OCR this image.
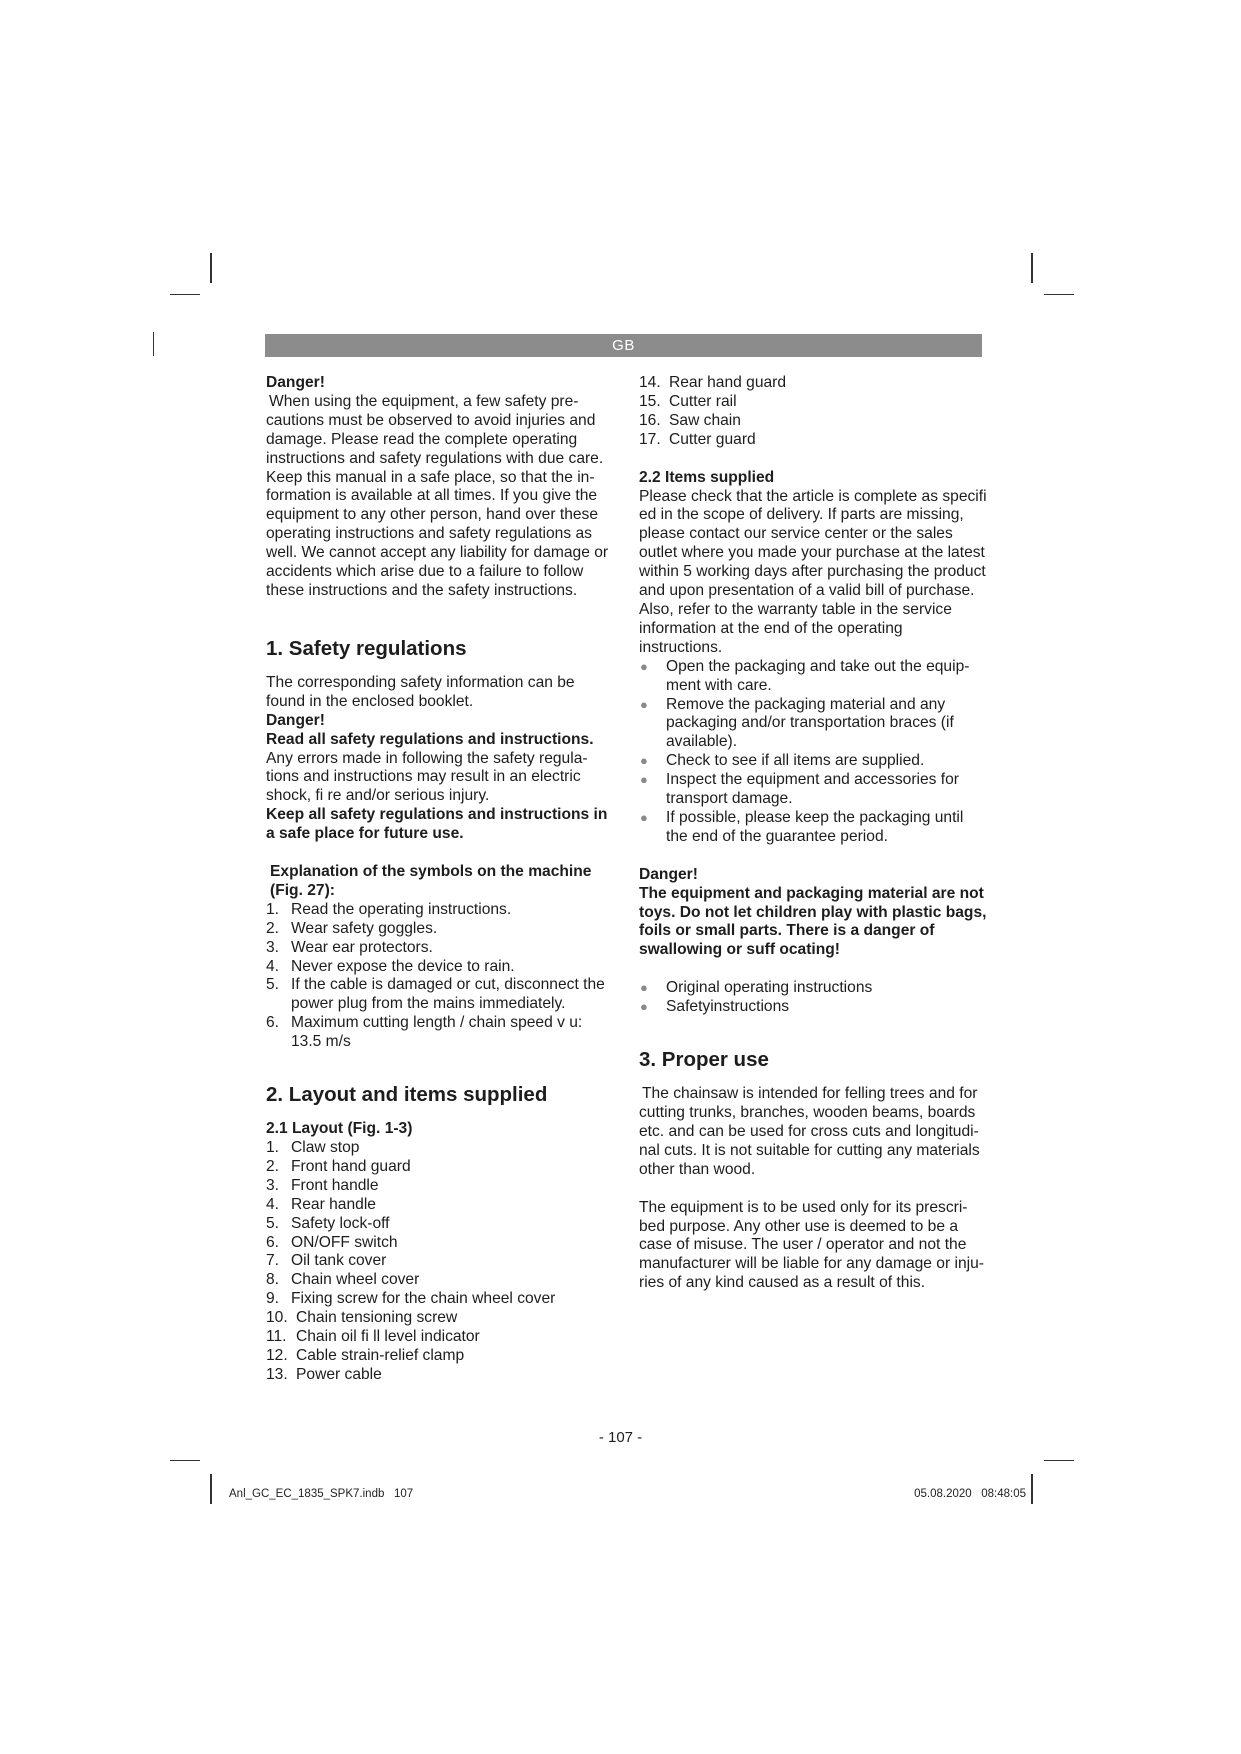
GB

Danger!

When using the equipment, a few safety pre-cautions must be observed to avoid injuries and damage. Please read the complete operating instructions and safety regulations with due care. Keep this manual in a safe place, so that the in-formation is available at all times. If you give the equipment to any other person, hand over these operating instructions and safety regulations as well. We cannot accept any liability for damage or accidents which arise due to a failure to follow these instructions and the safety instructions.

1. Safety regulations

The corresponding safety information can be found in the enclosed booklet.

Danger!

Read all safety regulations and instructions.

Any errors made in following the safety regula-tions and instructions may result in an electric shock, fi re and/or serious injury.

Keep all safety regulations and instructions in a safe place for future use.

Explanation of the symbols on the machine (Fig. 27):

1. Read the operating instructions.
2. Wear safety goggles.
3. Wear ear protectors.
4. Never expose the device to rain.
5. If the cable is damaged or cut, disconnect the power plug from the mains immediately.
6. Maximum cutting length / chain speed v u: 13.5 m/s
2. Layout and items supplied

2.1 Layout (Fig. 1-3)

1. Claw stop
2. Front hand guard
3. Front handle
4. Rear handle
5. Safety lock-off
6. ON/OFF switch
7. Oil tank cover
8. Chain wheel cover
9. Fixing screw for the chain wheel cover
10. Chain tensioning screw
11. Chain oil fi ll level indicator
12. Cable strain-relief clamp
13. Power cable
14. Rear hand guard
15. Cutter rail
16. Saw chain
17. Cutter guard

2.2 Items supplied

Please check that the article is complete as specifi ed in the scope of delivery. If parts are missing, please contact our service center or the sales outlet where you made your purchase at the latest within 5 working days after purchasing the product and upon presentation of a valid bill of purchase. Also, refer to the warranty table in the service information at the end of the operating instructions.

● Open the packaging and take out the equip-ment with care.
● Remove the packaging material and any packaging and/or transportation braces (if available).
● Check to see if all items are supplied.
● Inspect the equipment and accessories for transport damage.
● If possible, please keep the packaging until the end of the guarantee period.

Danger!

The equipment and packaging material are not toys. Do not let children play with plastic bags, foils or small parts. There is a danger of swallowing or suff ocating!

● Original operating instructions
● Safetyinstructions
3. Proper use

The chainsaw is intended for felling trees and for cutting trunks, branches, wooden beams, boards etc. and can be used for cross cuts and longitudi-nal cuts. It is not suitable for cutting any materials other than wood.

The equipment is to be used only for its prescri-bed purpose. Any other use is deemed to be a case of misuse. The user / operator and not the manufacturer will be liable for any damage or inju-ries of any kind caused as a result of this.

- 107 -
Anl_GC_EC_1835_SPK7.indb   107	05.08.2020   08:48:05
